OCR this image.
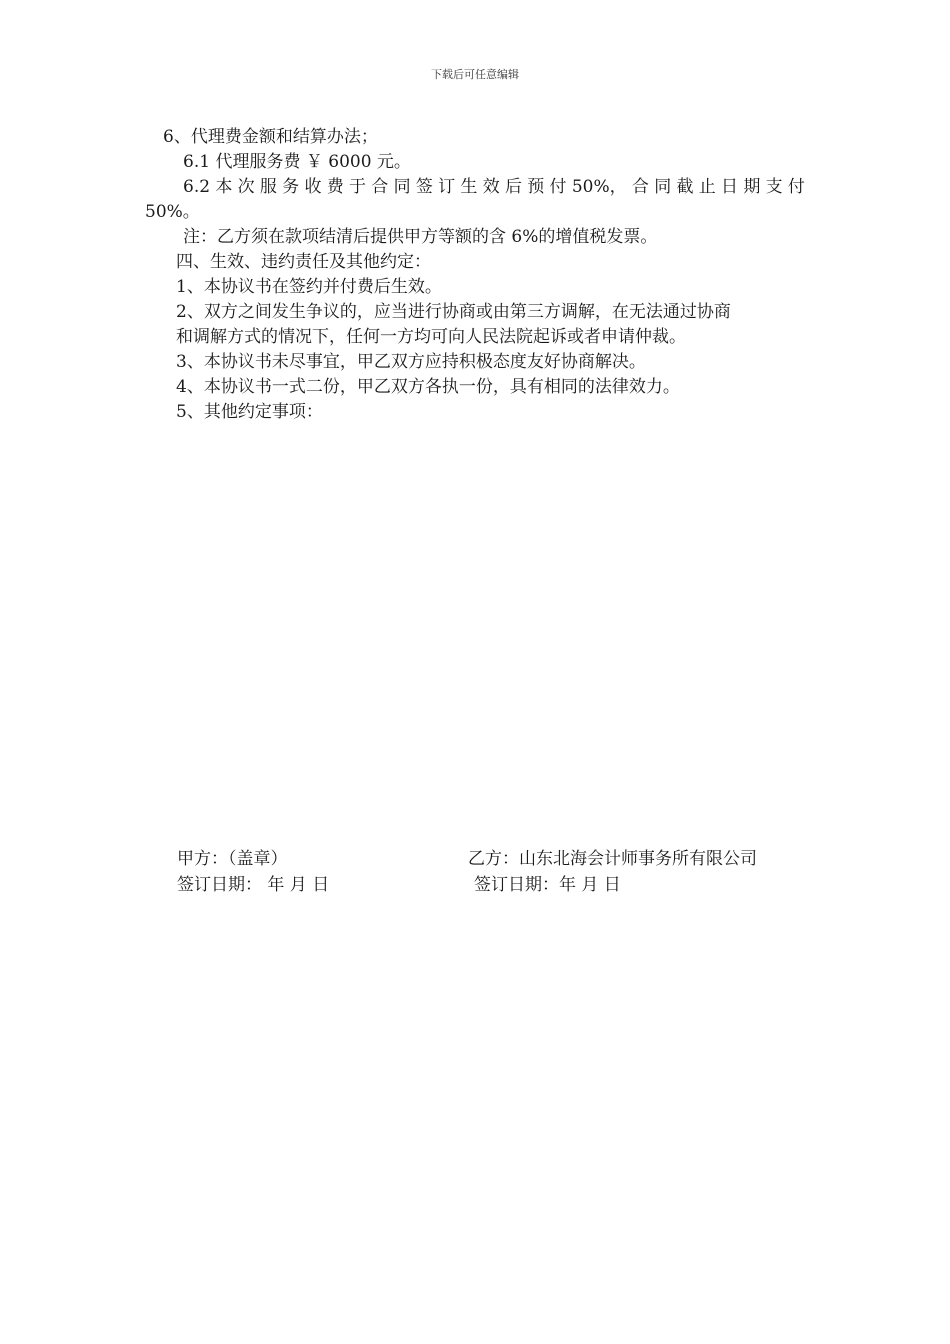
下载后可任意编辑
6、代理费金额和结算办法；
6.1 代理服务费 ￥ 6000 元。
6.2 本 次 服 务 收 费 于 合 同 签 订 生 效 后 预 付 50%， 合 同 截 止 日 期 支 付
50%。
注：乙方须在款项结清后提供甲方等额的含 6%的增值税发票。
四、生效、违约责任及其他约定：
1、本协议书在签约并付费后生效。
2、双方之间发生争议的，应当进行协商或由第三方调解，在无法通过协商
和调解方式的情况下，任何一方均可向人民法院起诉或者申请仲裁。
3、本协议书未尽事宜，甲乙双方应持积极态度友好协商解决。
4、本协议书一式二份，甲乙双方各执一份，具有相同的法律效力。
5、其他约定事项：
甲方：（盖章）
签订日期： 年 月 日
乙方：山东北海会计师事务所有限公司
签订日期：年 月 日
